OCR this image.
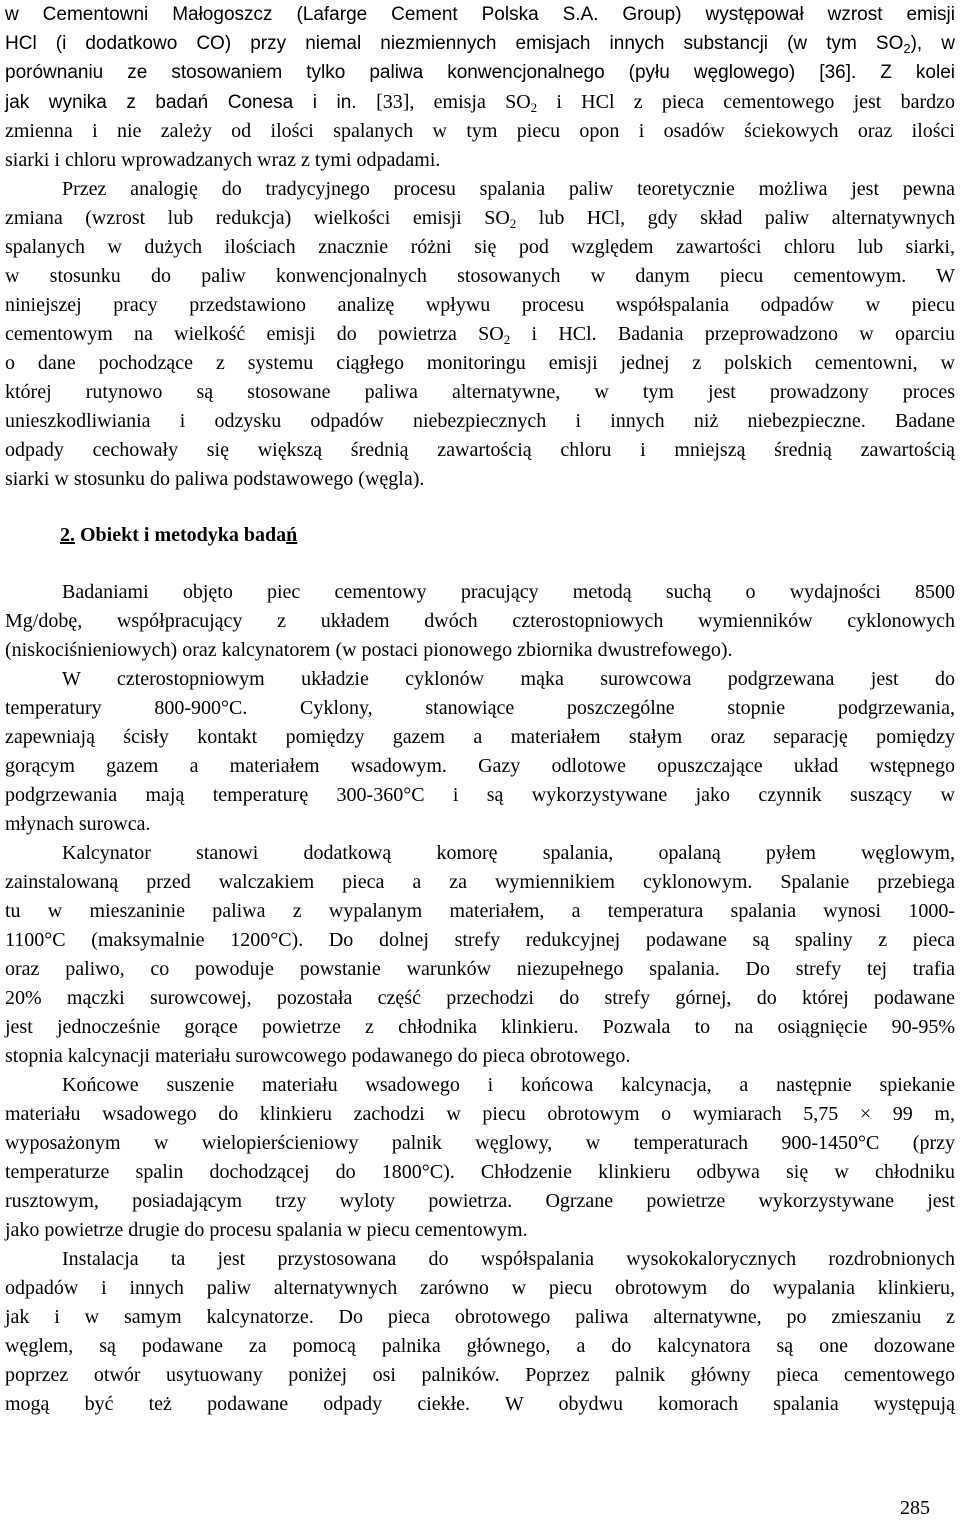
w Cementowni Małogoszcz (Lafarge Cement Polska S.A. Group) występował wzrost emisji
HCl (i dodatkowo CO) przy niemal niezmiennych emisjach innych substancji (w tym $SO_2$), w
porównaniu ze stosowaniem tylko paliwa konwencjonalnego (pyłu węglowego) [36]. Z kolei
jak wynika z badań Conesa i in. [33], emisja $SO_2$ i HCl z pieca cementowego jest bardzo
zmienna i nie zależy od ilości spalanych w tym piecu opon i osadów ściekowych oraz ilości
siarki i chloru wprowadzanych wraz z tymi odpadami.
Przez analogię do tradycyjnego procesu spalania paliw teoretycznie możliwa jest pewna
zmiana (wzrost lub redukcja) wielkości emisji $SO_2$ lub HCl, gdy skład paliw alternatywnych
spalanych w dużych ilościach znacznie różni się pod względem zawartości chloru lub siarki,
w stosunku do paliw konwencjonalnych stosowanych w danym piecu cementowym. W
niniejszej pracy przedstawiono analizę wpływu procesu współspalania odpadów w piecu
cementowym na wielkość emisji do powietrza $SO_2$ i HCl. Badania przeprowadzono w oparciu
o dane pochodzące z systemu ciągłego monitoringu emisji jednej z polskich cementowni, w
której rutynowo są stosowane paliwa alternatywne, w tym jest prowadzony proces
unieszkodliwiania i odzysku odpadów niebezpiecznych i innych niż niebezpieczne. Badane
odpady cechowały się większą średnią zawartością chloru i mniejszą średnią zawartością
siarki w stosunku do paliwa podstawowego (węgla).
2. Obiekt i metodyka badań
Badaniami objęto piec cementowy pracujący metodą suchą o wydajności 8500
Mg/dobę, współpracujący z układem dwóch czterostopniowych wymienników cyklonowych
(niskociśnieniowych) oraz kalcynatorem (w postaci pionowego zbiornika dwustrefowego).
W czterostopniowym układzie cyklonów mąka surowcowa podgrzewana jest do
temperatury 800-900°C. Cyklony, stanowiące poszczególne stopnie podgrzewania,
zapewniają ścisły kontakt pomiędzy gazem a materiałem stałym oraz separację pomiędzy
gorącym gazem a materiałem wsadowym. Gazy odlotowe opuszczające układ wstępnego
podgrzewania mają temperaturę 300-360°C i są wykorzystywane jako czynnik suszący w
młynach surowca.
Kalcynator stanowi dodatkową komorę spalania, opalaną pyłem węglowym,
zainstalowaną przed walczakiem pieca a za wymiennikiem cyklonowym. Spalanie przebiega
tu w mieszaninie paliwa z wypalanym materiałem, a temperatura spalania wynosi 1000-
1100°C (maksymalnie 1200°C). Do dolnej strefy redukcyjnej podawane są spaliny z pieca
oraz paliwo, co powoduje powstanie warunków niezupełnego spalania. Do strefy tej trafia
20% mączki surowcowej, pozostała część przechodzi do strefy górnej, do której podawane
jest jednocześnie gorące powietrze z chłodnika klinkieru. Pozwala to na osiągnięcie 90-95%
stopnia kalcynacji materiału surowcowego podawanego do pieca obrotowego.
Końcowe suszenie materiału wsadowego i końcowa kalcynacja, a następnie spiekanie
materiału wsadowego do klinkieru zachodzi w piecu obrotowym o wymiarach 5,75 × 99 m,
wyposażonym w wielopierścieniowy palnik węglowy, w temperaturach 900-1450°C (przy
temperaturze spalin dochodzącej do 1800°C). Chłodzenie klinkieru odbywa się w chłodniku
rusztowym, posiadającym trzy wyloty powietrza. Ogrzane powietrze wykorzystywane jest
jako powietrze drugie do procesu spalania w piecu cementowym.
Instalacja ta jest przystosowana do współspalania wysokokalorycznych rozdrobnionych
odpadów i innych paliw alternatywnych zarówno w piecu obrotowym do wypalania klinkieru,
jak i w samym kalcynatorze. Do pieca obrotowego paliwa alternatywne, po zmieszaniu z
węglem, są podawane za pomocą palnika głównego, a do kalcynatora są one dozowane
poprzez otwór usytuowany poniżej osi palników. Poprzez palnik główny pieca cementowego
mogą być też podawane odpady ciekłe. W obydwu komorach spalania występują
285
